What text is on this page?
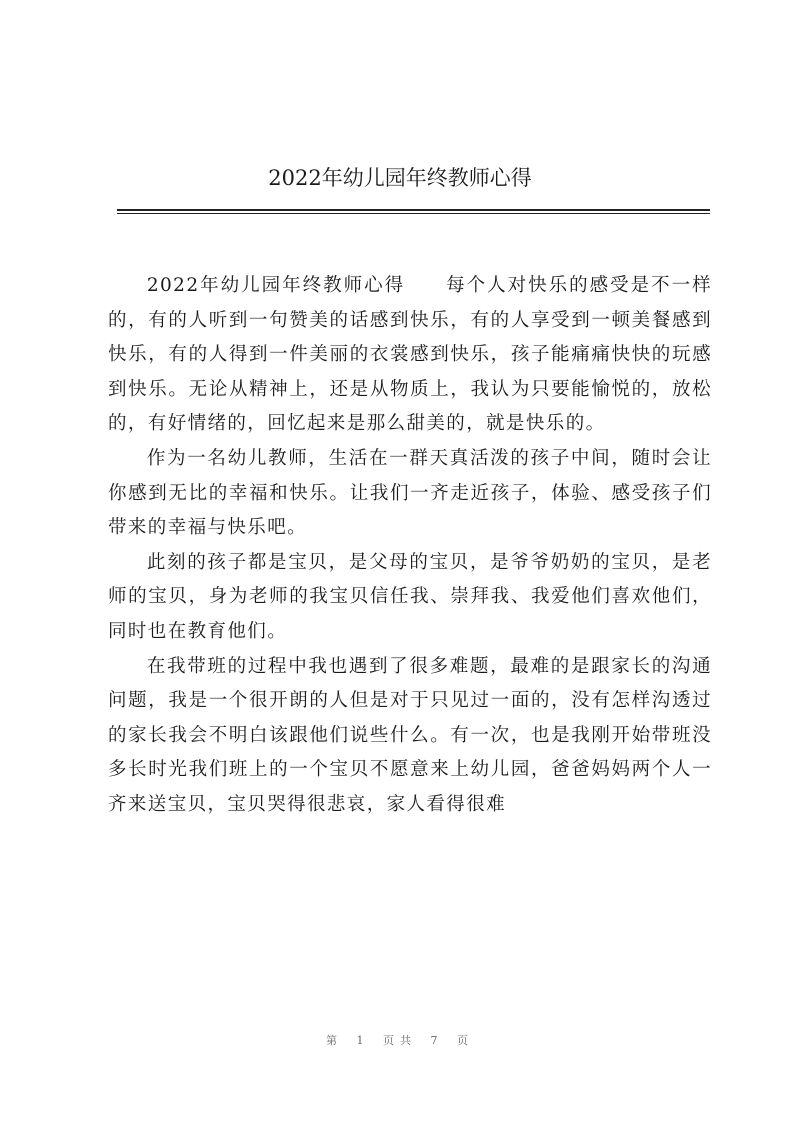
2022年幼儿园年终教师心得

2022年幼儿园年终教师心得　　每个人对快乐的感受是不一样的，有的人听到一句赞美的话感到快乐，有的人享受到一顿美餐感到快乐，有的人得到一件美丽的衣裳感到快乐，孩子能痛痛快快的玩感到快乐。无论从精神上，还是从物质上，我认为只要能愉悦的，放松的，有好情绪的，回忆起来是那么甜美的，就是快乐的。

作为一名幼儿教师，生活在一群天真活泼的孩子中间，随时会让你感到无比的幸福和快乐。让我们一齐走近孩子，体验、感受孩子们带来的幸福与快乐吧。

此刻的孩子都是宝贝，是父母的宝贝，是爷爷奶奶的宝贝，是老师的宝贝，身为老师的我宝贝信任我、崇拜我、我爱他们喜欢他们，同时也在教育他们。

在我带班的过程中我也遇到了很多难题，最难的是跟家长的沟通问题，我是一个很开朗的人但是对于只见过一面的，没有怎样沟透过的家长我会不明白该跟他们说些什么。有一次，也是我刚开始带班没多长时光我们班上的一个宝贝不愿意来上幼儿园，爸爸妈妈两个人一齐来送宝贝，宝贝哭得很悲哀，家人看得很难

第 1 页共 7 页
